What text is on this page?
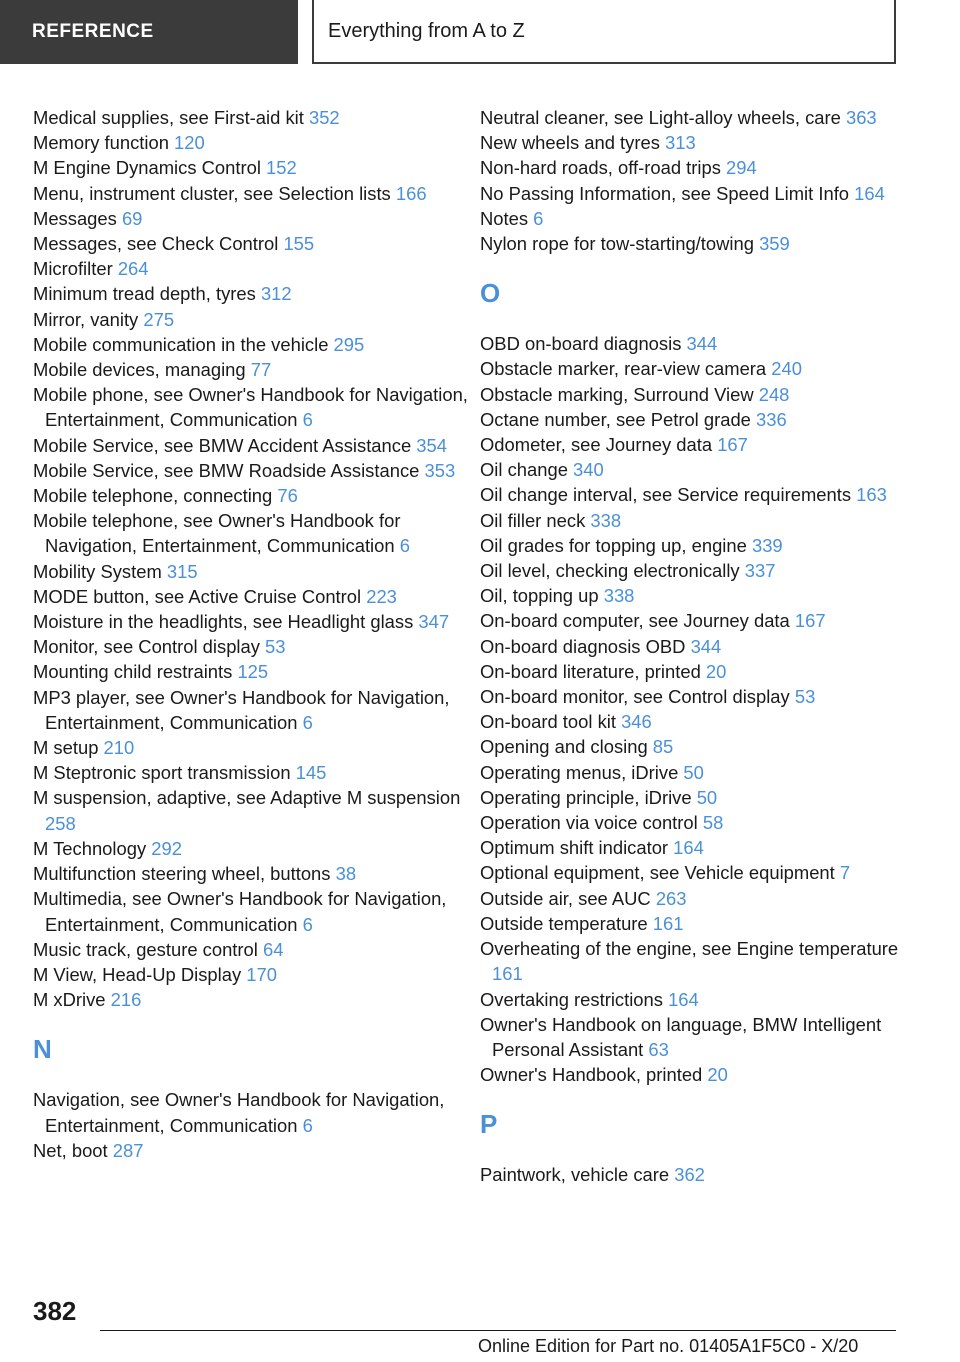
REFERENCE	Everything from A to Z
Medical supplies, see First-aid kit 352
Memory function 120
M Engine Dynamics Control 152
Menu, instrument cluster, see Selection lists 166
Messages 69
Messages, see Check Control 155
Microfilter 264
Minimum tread depth, tyres 312
Mirror, vanity 275
Mobile communication in the vehicle 295
Mobile devices, managing 77
Mobile phone, see Owner's Handbook for Navigation, Entertainment, Communication 6
Mobile Service, see BMW Accident Assistance 354
Mobile Service, see BMW Roadside Assistance 353
Mobile telephone, connecting 76
Mobile telephone, see Owner's Handbook for Navigation, Entertainment, Communication 6
Mobility System 315
MODE button, see Active Cruise Control 223
Moisture in the headlights, see Headlight glass 347
Monitor, see Control display 53
Mounting child restraints 125
MP3 player, see Owner's Handbook for Navigation, Entertainment, Communication 6
M setup 210
M Steptronic sport transmission 145
M suspension, adaptive, see Adaptive M suspension 258
M Technology 292
Multifunction steering wheel, buttons 38
Multimedia, see Owner's Handbook for Navigation, Entertainment, Communication 6
Music track, gesture control 64
M View, Head-Up Display 170
M xDrive 216
N
Navigation, see Owner's Handbook for Navigation, Entertainment, Communication 6
Net, boot 287
Neutral cleaner, see Light-alloy wheels, care 363
New wheels and tyres 313
Non-hard roads, off-road trips 294
No Passing Information, see Speed Limit Info 164
Notes 6
Nylon rope for tow-starting/towing 359
O
OBD on-board diagnosis 344
Obstacle marker, rear-view camera 240
Obstacle marking, Surround View 248
Octane number, see Petrol grade 336
Odometer, see Journey data 167
Oil change 340
Oil change interval, see Service requirements 163
Oil filler neck 338
Oil grades for topping up, engine 339
Oil level, checking electronically 337
Oil, topping up 338
On-board computer, see Journey data 167
On-board diagnosis OBD 344
On-board literature, printed 20
On-board monitor, see Control display 53
On-board tool kit 346
Opening and closing 85
Operating menus, iDrive 50
Operating principle, iDrive 50
Operation via voice control 58
Optimum shift indicator 164
Optional equipment, see Vehicle equipment 7
Outside air, see AUC 263
Outside temperature 161
Overheating of the engine, see Engine temperature 161
Overtaking restrictions 164
Owner's Handbook on language, BMW Intelligent Personal Assistant 63
Owner's Handbook, printed 20
P
Paintwork, vehicle care 362
382
Online Edition for Part no. 01405A1F5C0 - X/20
